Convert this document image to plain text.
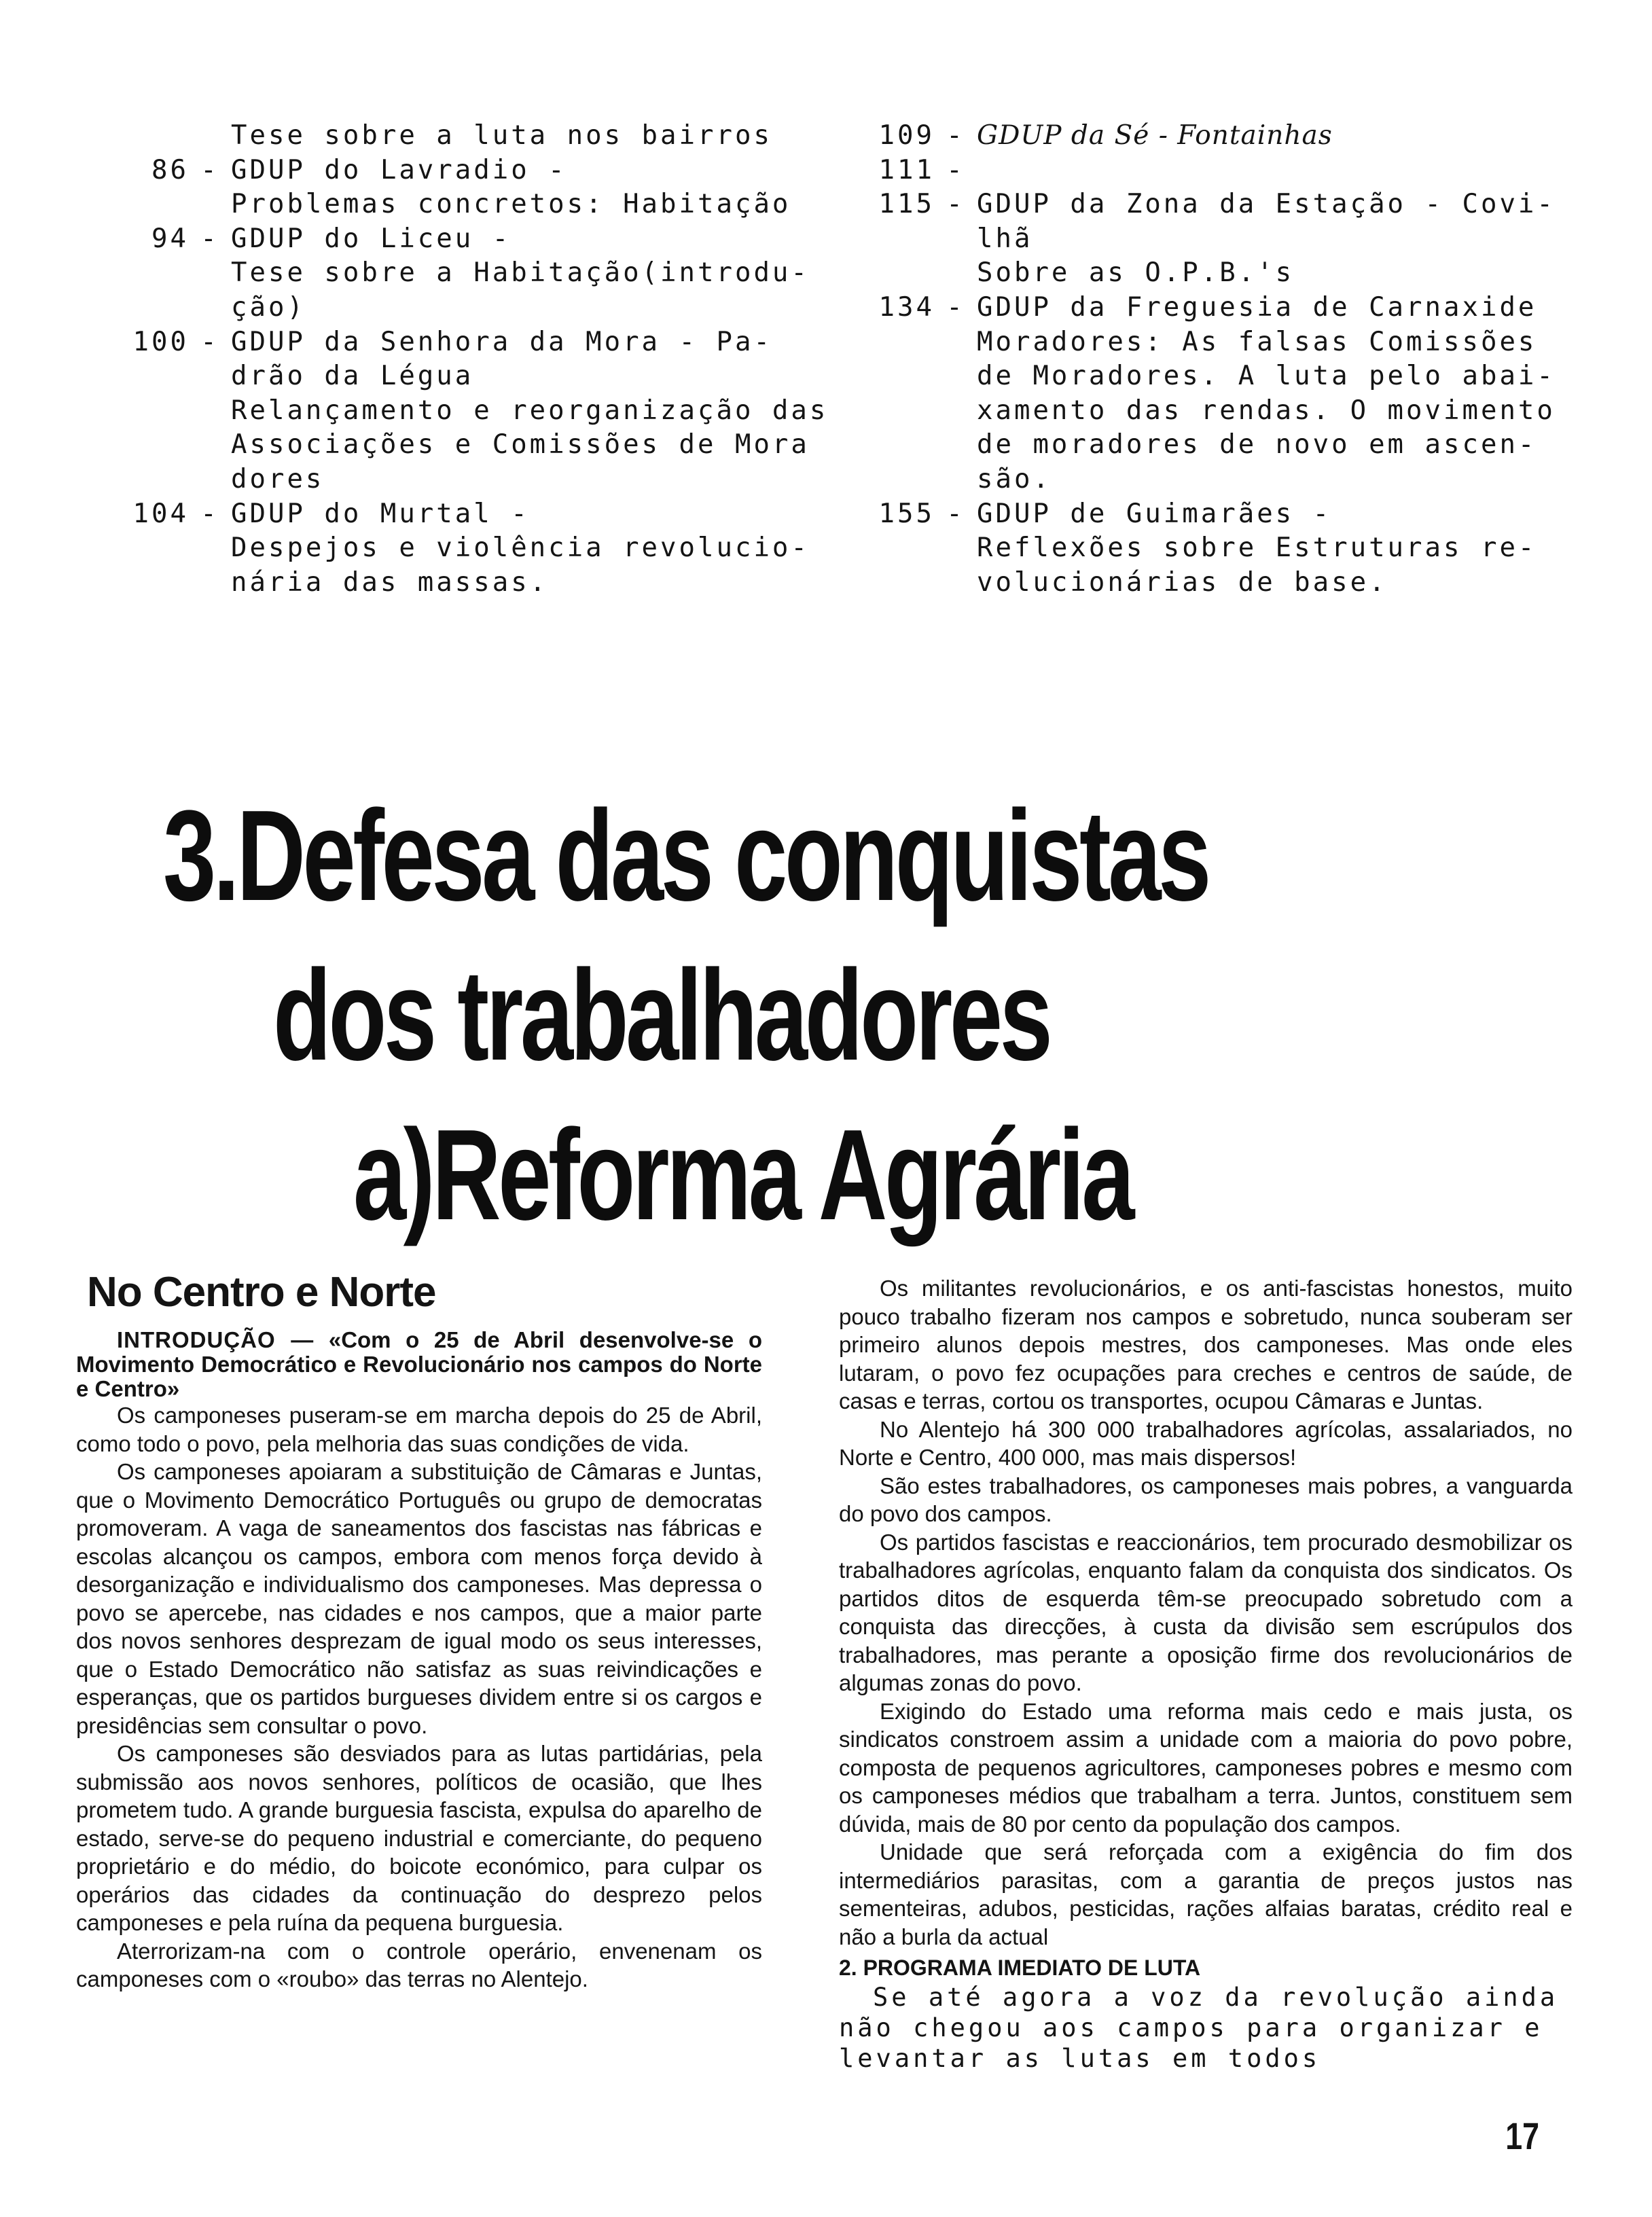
Tese sobre a luta nos bairros
86 - GDUP do Lavradio -
Problemas concretos: Habitação
94 - GDUP do Liceu -
Tese sobre a Habitação(introdu-
ção)
100 - GDUP da Senhora da Mora - Pa-
drão da Légua
Relançamento e reorganização das
Associações e Comissões de Mora
dores
104 - GDUP do Murtal -
Despejos e violência revolucio-
nária das massas.
109 - GDUP da Sé - Fontainhas
111 -

115 - GDUP da Zona da Estação - Covi-
lhã
Sobre as O.P.B.'s
134 - GDUP da Freguesia de Carnaxide
Moradores: As falsas Comissões
de Moradores. A luta pelo abai-
xamento das rendas. O movimento
de moradores de novo em ascen-
são.
155 - GDUP de Guimarães -
Reflexões sobre Estruturas re-
volucionárias de base.
3.Defesa das conquistas
dos trabalhadores
a)Reforma Agrária
No Centro e Norte

INTRODUÇÃO — «Com o 25 de Abril desenvolve-se o Movimento Democrático e Revolucionário nos campos do Norte e Centro»

Os camponeses puseram-se em marcha depois do 25 de Abril, como todo o povo, pela melhoria das suas condições de vida.

Os camponeses apoiaram a substituição de Câmaras e Juntas, que o Movimento Democrático Português ou grupo de democratas promoveram. A vaga de saneamentos dos fascistas nas fábricas e escolas alcançou os campos, embora com menos força devido à desorganização e individualismo dos camponeses. Mas depressa o povo se apercebe, nas cidades e nos campos, que a maior parte dos novos senhores desprezam de igual modo os seus interesses, que o Estado Democrático não satisfaz as suas reivindicações e esperanças, que os partidos burgueses dividem entre si os cargos e presidências sem consultar o povo.

Os camponeses são desviados para as lutas partidárias, pela submissão aos novos senhores, políticos de ocasião, que lhes prometem tudo. A grande burguesia fascista, expulsa do aparelho de estado, serve-se do pequeno industrial e comerciante, do pequeno proprietário e do médio, do boicote económico, para culpar os operários das cidades da continuação do desprezo pelos camponeses e pela ruína da pequena burguesia.

Aterrorizam-na com o controle operário, envenenam os camponeses com o «roubo» das terras no Alentejo.

Os militantes revolucionários, e os anti-fascistas honestos, muito pouco trabalho fizeram nos campos e sobretudo, nunca souberam ser primeiro alunos depois mestres, dos camponeses. Mas onde eles lutaram, o povo fez ocupações para creches e centros de saúde, de casas e terras, cortou os transportes, ocupou Câmaras e Juntas.

No Alentejo há 300 000 trabalhadores agrícolas, assalariados, no Norte e Centro, 400 000, mas mais dispersos!

São estes trabalhadores, os camponeses mais pobres, a vanguarda do povo dos campos.

Os partidos fascistas e reaccionários, tem procurado desmobilizar os trabalhadores agrícolas, enquanto falam da conquista dos sindicatos. Os partidos ditos de esquerda têm-se preocupado sobretudo com a conquista das direcções, à custa da divisão sem escrúpulos dos trabalhadores, mas perante a oposição firme dos revolucionários de algumas zonas do povo.

Exigindo do Estado uma reforma mais cedo e mais justa, os sindicatos constroem assim a unidade com a maioria do povo pobre, composta de pequenos agricultores, camponeses pobres e mesmo com os camponeses médios que trabalham a terra. Juntos, constituem sem dúvida, mais de 80 por cento da população dos campos.

Unidade que será reforçada com a exigência do fim dos intermediários parasitas, com a garantia de preços justos nas sementeiras, adubos, pesticidas, rações alfaias baratas, crédito real e não a burla da actual

2. PROGRAMA IMEDIATO DE LUTA

Se até agora a voz da revolução ainda não chegou aos campos para organizar e levantar as lutas em todos

17
